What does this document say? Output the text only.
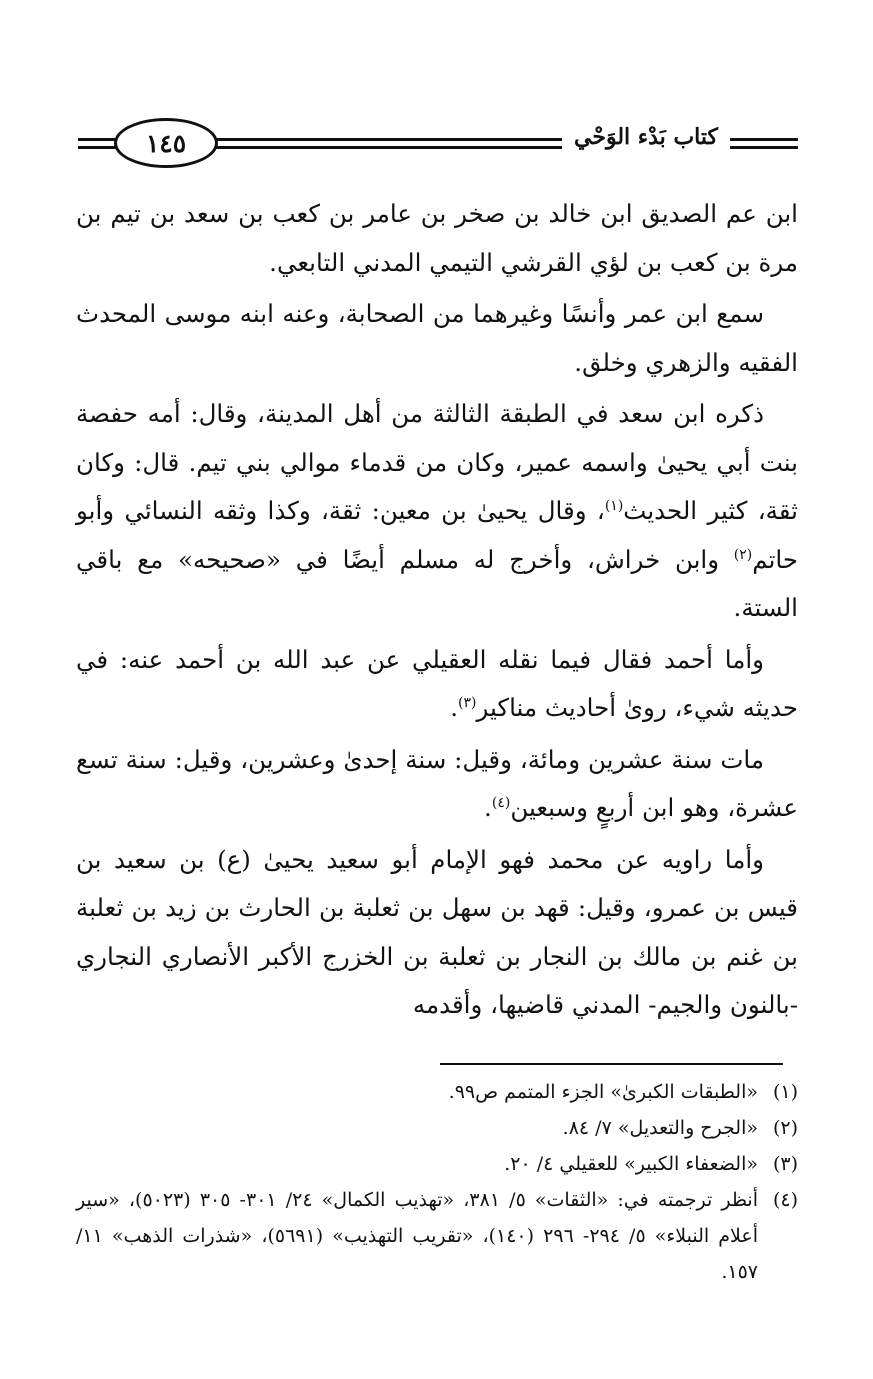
١٤٥	كتاب بَدْء الوَحْي

ابن عم الصديق ابن خالد بن صخر بن عامر بن كعب بن سعد بن تيم بن مرة بن كعب بن لؤي القرشي التيمي المدني التابعي.

سمع ابن عمر وأنسًا وغيرهما من الصحابة، وعنه ابنه موسى المحدث الفقيه والزهري وخلق.

ذكره ابن سعد في الطبقة الثالثة من أهل المدينة، وقال: أمه حفصة بنت أبي يحيىٰ واسمه عمير، وكان من قدماء موالي بني تيم. قال: وكان ثقة، كثير الحديث$^{(١)}$، وقال يحيىٰ بن معين: ثقة، وكذا وثقه النسائي وأبو حاتم$^{(٢)}$ وابن خراش، وأخرج له مسلم أيضًا في «صحيحه» مع باقي الستة.

وأما أحمد فقال فيما نقله العقيلي عن عبد الله بن أحمد عنه: في حديثه شيء، روىٰ أحاديث مناكير$^{(٣)}$.

مات سنة عشرين ومائة، وقيل: سنة إحدىٰ وعشرين، وقيل: سنة تسع عشرة، وهو ابن أربعٍ وسبعين$^{(٤)}$.

وأما راويه عن محمد فهو الإمام أبو سعيد يحيىٰ (ع) بن سعيد بن قيس بن عمرو، وقيل: قهد بن سهل بن ثعلبة بن الحارث بن زيد بن ثعلبة بن غنم بن مالك بن النجار بن ثعلبة بن الخزرج الأكبر الأنصاري النجاري -بالنون والجيم- المدني قاضيها، وأقدمه

(١)
«الطبقات الكبرىٰ» الجزء المتمم ص٩٩.
(٢)
«الجرح والتعديل» ٧/ ٨٤.
(٣)
«الضعفاء الكبير» للعقيلي ٤/ ٢٠.
(٤)
أنظر ترجمته في: «الثقات» ٥/ ٣٨١، «تهذيب الكمال» ٢٤/ ٣٠١- ٣٠٥ (٥٠٢٣)، «سير أعلام النبلاء» ٥/ ٢٩٤- ٢٩٦ (١٤٠)، «تقريب التهذيب» (٥٦٩١)، «شذرات الذهب» ١١/ ١٥٧.
